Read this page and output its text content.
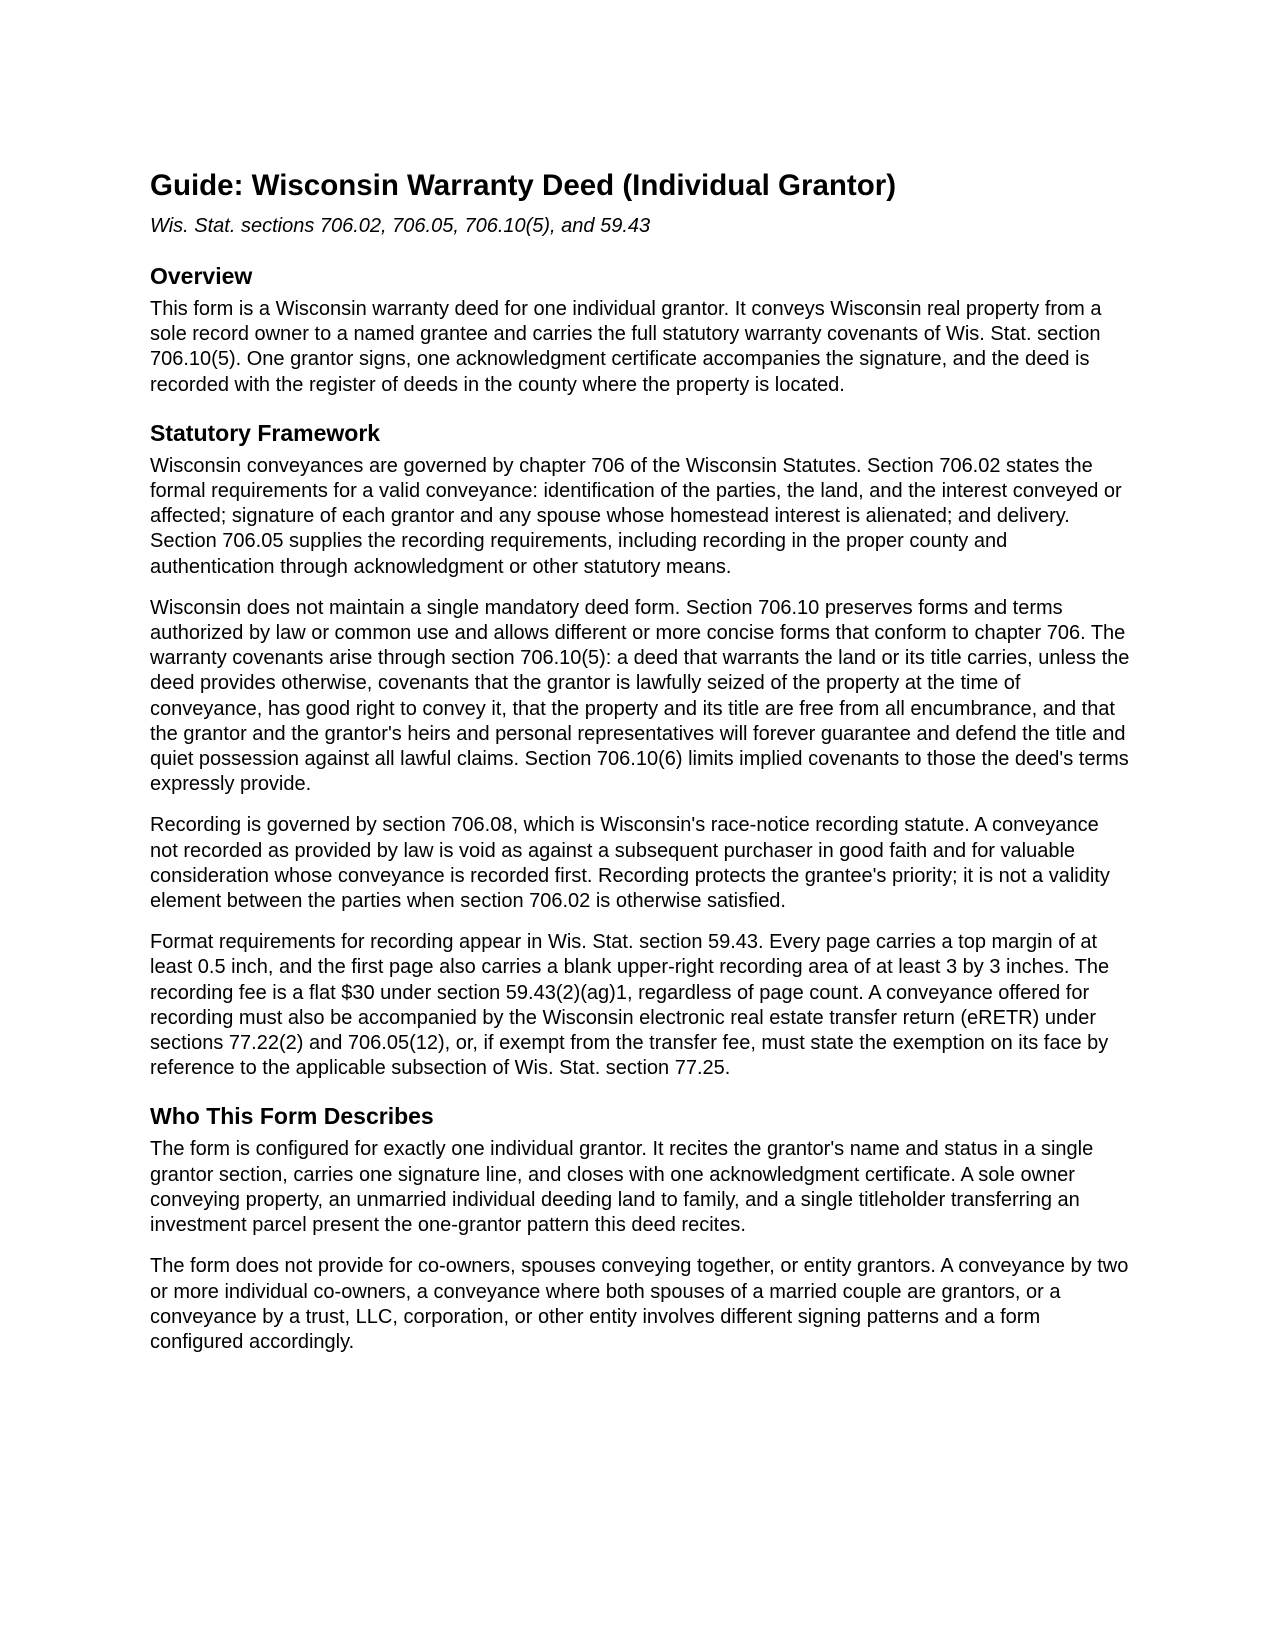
Guide: Wisconsin Warranty Deed (Individual Grantor)
Wis. Stat. sections 706.02, 706.05, 706.10(5), and 59.43
Overview

This form is a Wisconsin warranty deed for one individual grantor. It conveys Wisconsin real property from a sole record owner to a named grantee and carries the full statutory warranty covenants of Wis. Stat. section 706.10(5). One grantor signs, one acknowledgment certificate accompanies the signature, and the deed is recorded with the register of deeds in the county where the property is located.

Statutory Framework

Wisconsin conveyances are governed by chapter 706 of the Wisconsin Statutes. Section 706.02 states the formal requirements for a valid conveyance: identification of the parties, the land, and the interest conveyed or affected; signature of each grantor and any spouse whose homestead interest is alienated; and delivery. Section 706.05 supplies the recording requirements, including recording in the proper county and authentication through acknowledgment or other statutory means.

Wisconsin does not maintain a single mandatory deed form. Section 706.10 preserves forms and terms authorized by law or common use and allows different or more concise forms that conform to chapter 706. The warranty covenants arise through section 706.10(5): a deed that warrants the land or its title carries, unless the deed provides otherwise, covenants that the grantor is lawfully seized of the property at the time of conveyance, has good right to convey it, that the property and its title are free from all encumbrance, and that the grantor and the grantor's heirs and personal representatives will forever guarantee and defend the title and quiet possession against all lawful claims. Section 706.10(6) limits implied covenants to those the deed's terms expressly provide.

Recording is governed by section 706.08, which is Wisconsin's race-notice recording statute. A conveyance not recorded as provided by law is void as against a subsequent purchaser in good faith and for valuable consideration whose conveyance is recorded first. Recording protects the grantee's priority; it is not a validity element between the parties when section 706.02 is otherwise satisfied.

Format requirements for recording appear in Wis. Stat. section 59.43. Every page carries a top margin of at least 0.5 inch, and the first page also carries a blank upper-right recording area of at least 3 by 3 inches. The recording fee is a flat $30 under section 59.43(2)(ag)1, regardless of page count. A conveyance offered for recording must also be accompanied by the Wisconsin electronic real estate transfer return (eRETR) under sections 77.22(2) and 706.05(12), or, if exempt from the transfer fee, must state the exemption on its face by reference to the applicable subsection of Wis. Stat. section 77.25.

Who This Form Describes

The form is configured for exactly one individual grantor. It recites the grantor's name and status in a single grantor section, carries one signature line, and closes with one acknowledgment certificate. A sole owner conveying property, an unmarried individual deeding land to family, and a single titleholder transferring an investment parcel present the one-grantor pattern this deed recites.

The form does not provide for co-owners, spouses conveying together, or entity grantors. A conveyance by two or more individual co-owners, a conveyance where both spouses of a married couple are grantors, or a conveyance by a trust, LLC, corporation, or other entity involves different signing patterns and a form configured accordingly.
